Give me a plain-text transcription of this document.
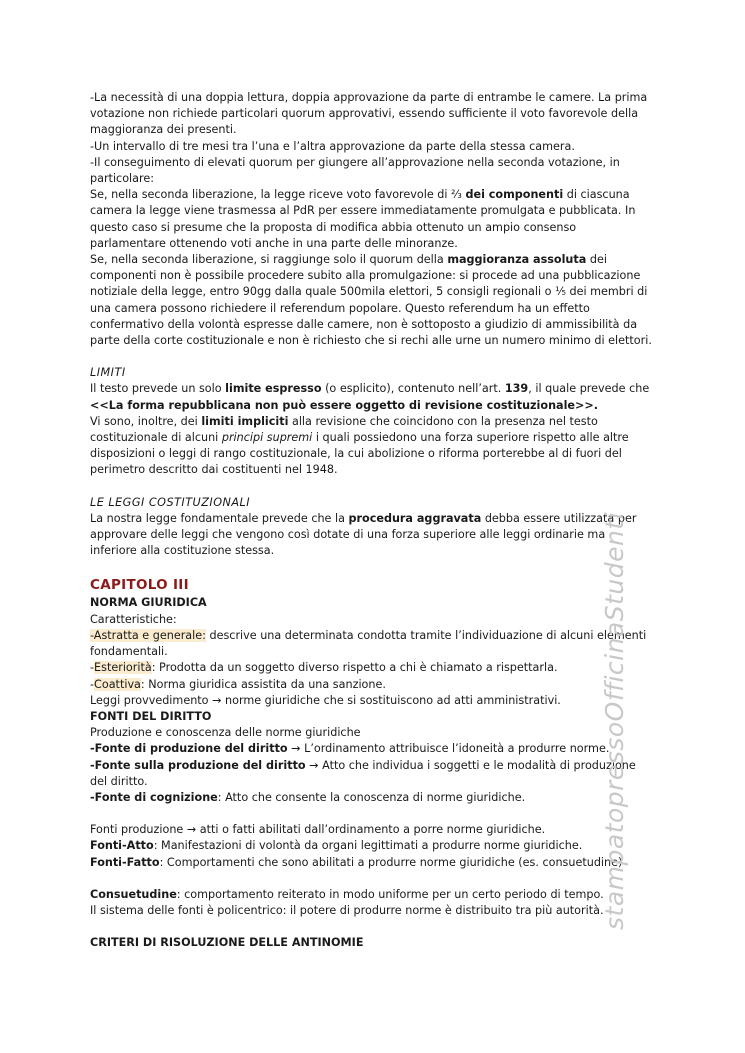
-La necessità di una doppia lettura, doppia approvazione da parte di entrambe le camere. La prima votazione non richiede particolari quorum approvativi, essendo sufficiente il voto favorevole della maggioranza dei presenti.

-Un intervallo di tre mesi tra l’una e l’altra approvazione da parte della stessa camera.

-Il conseguimento di elevati quorum per giungere all’approvazione nella seconda votazione, in particolare:

Se, nella seconda liberazione, la legge riceve voto favorevole di ⅔ dei componenti di ciascuna camera la legge viene trasmessa al PdR per essere immediatamente promulgata e pubblicata. In questo caso si presume che la proposta di modifica abbia ottenuto un ampio consenso parlamentare ottenendo voti anche in una parte delle minoranze.

Se, nella seconda liberazione, si raggiunge solo il quorum della maggioranza assoluta dei componenti non è possibile procedere subito alla promulgazione: si procede ad una pubblicazione notiziale della legge, entro 90gg dalla quale 500mila elettori, 5 consigli regionali o ⅕ dei membri di una camera possono richiedere il referendum popolare. Questo referendum ha un effetto confermativo della volontà espresse dalle camere, non è sottoposto a giudizio di ammissibilità da parte della corte costituzionale e non è richiesto che si rechi alle urne un numero minimo di elettori.

LIMITI

Il testo prevede un solo limite espresso (o esplicito), contenuto nell’art. 139, il quale prevede che <<La forma repubblicana non può essere oggetto di revisione costituzionale>>.

Vi sono, inoltre, dei limiti impliciti alla revisione che coincidono con la presenza nel testo costituzionale di alcuni principi supremi i quali possiedono una forza superiore rispetto alle altre disposizioni o leggi di rango costituzionale, la cui abolizione o riforma porterebbe al di fuori del perimetro descritto dai costituenti nel 1948.

LE LEGGI COSTITUZIONALI

La nostra legge fondamentale prevede che la procedura aggravata debba essere utilizzata per approvare delle leggi che vengono così dotate di una forza superiore alle leggi ordinarie ma inferiore alla costituzione stessa.

CAPITOLO III

NORMA GIURIDICA

Caratteristiche:

-Astratta e generale: descrive una determinata condotta tramite l’individuazione di alcuni elementi fondamentali.

-Esteriorità: Prodotta da un soggetto diverso rispetto a chi è chiamato a rispettarla.

-Coattiva: Norma giuridica assistita da una sanzione.

Leggi provvedimento → norme giuridiche che si sostituiscono ad atti amministrativi.

FONTI DEL DIRITTO

Produzione e conoscenza delle norme giuridiche

-Fonte di produzione del diritto → L’ordinamento attribuisce l’idoneità a produrre norme.

-Fonte sulla produzione del diritto → Atto che individua i soggetti e le modalità di produzione del diritto.

-Fonte di cognizione: Atto che consente la conoscenza di norme giuridiche.

Fonti produzione → atti o fatti abilitati dall’ordinamento a porre norme giuridiche.

Fonti-Atto: Manifestazioni di volontà da organi legittimati a produrre norme giuridiche.

Fonti-Fatto: Comportamenti che sono abilitati a produrre norme giuridiche (es. consuetudine)

Consuetudine: comportamento reiterato in modo uniforme per un certo periodo di tempo.

Il sistema delle fonti è policentrico: il potere di produrre norme è distribuito tra più autorità.

CRITERI DI RISOLUZIONE DELLE ANTINOMIE

stampatopressoOfficinaStudenti
